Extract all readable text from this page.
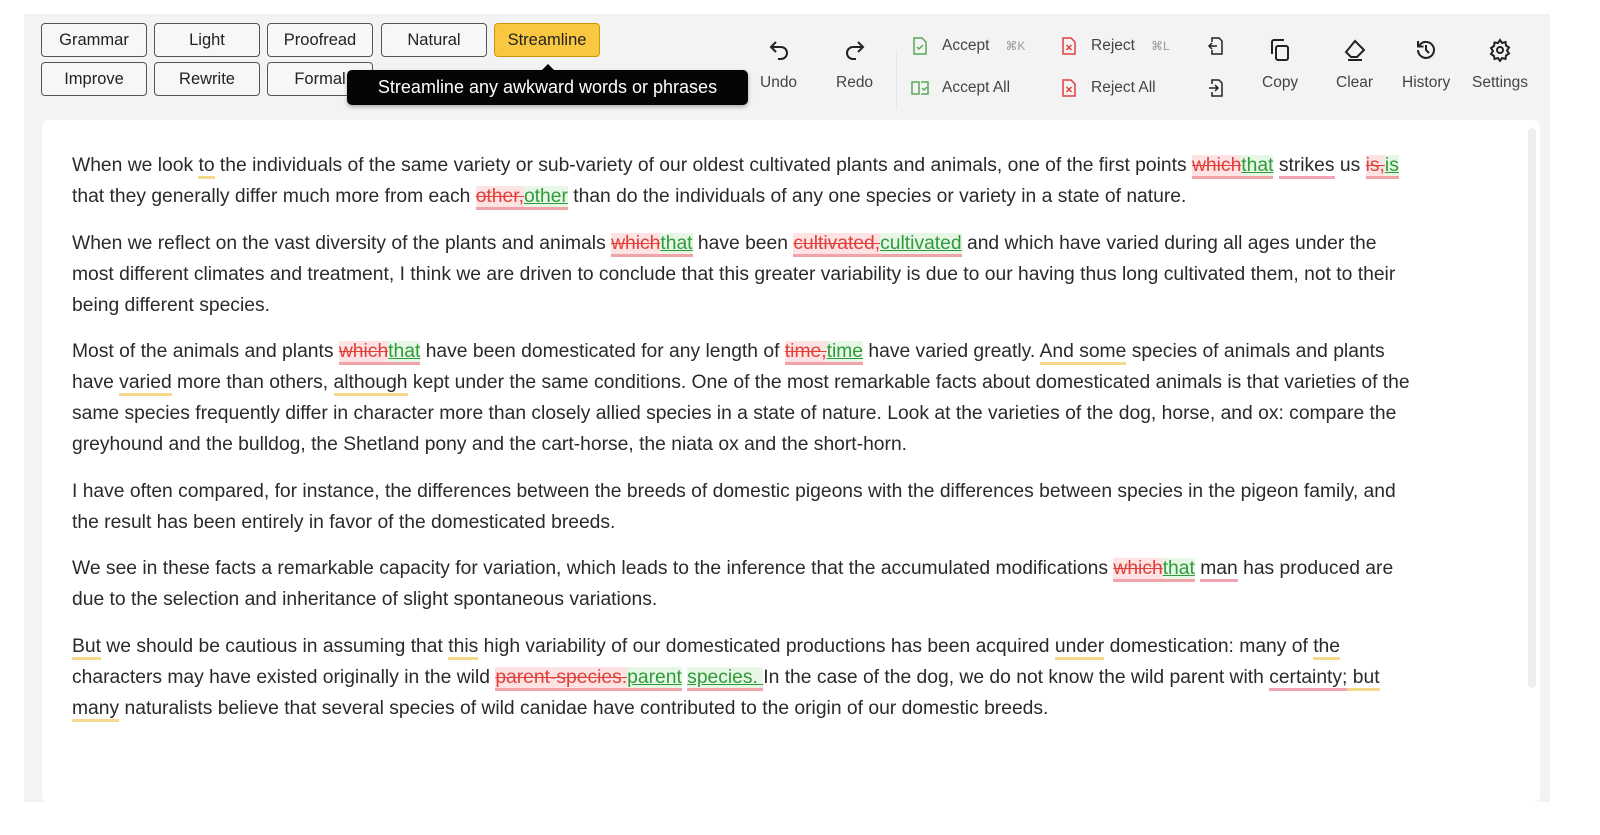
Grammar	Light	Proofread	Natural	Streamline
Improve	Rewrite	Formal	Undo	Redo
Accept ⌘K
Accept All
Reject ⌘L
Reject All	Copy Clear History Settings
Streamline any awkward words or phrases

When we look to the individuals of the same variety or sub-variety of our oldest cultivated plants and animals, one of the first points whichthat strikes us is,is that they generally differ much more from each other,other than do the individuals of any one species or variety in a state of nature.

When we reflect on the vast diversity of the plants and animals whichthat have been cultivated,cultivated and which have varied during all ages under the most different climates and treatment, I think we are driven to conclude that this greater variability is due to our having thus long cultivated them, not to their being different species.

Most of the animals and plants whichthat have been domesticated for any length of time,time have varied greatly. And some species of animals and plants have varied more than others, although kept under the same conditions. One of the most remarkable facts about domesticated animals is that varieties of the same species frequently differ in character more than closely allied species in a state of nature. Look at the varieties of the dog, horse, and ox: compare the greyhound and the bulldog, the Shetland pony and the cart-horse, the niata ox and the short-horn.

I have often compared, for instance, the differences between the breeds of domestic pigeons with the differences between species in the pigeon family, and the result has been entirely in favor of the domesticated breeds.

We see in these facts a remarkable capacity for variation, which leads to the inference that the accumulated modifications whichthat man has produced are due to the selection and inheritance of slight spontaneous variations.

But we should be cautious in assuming that this high variability of our domesticated productions has been acquired under domestication: many of the characters may have existed originally in the wild parent-species.parent species. In the case of the dog, we do not know the wild parent with certainty; but many naturalists believe that several species of wild canidae have contributed to the origin of our domestic breeds.
